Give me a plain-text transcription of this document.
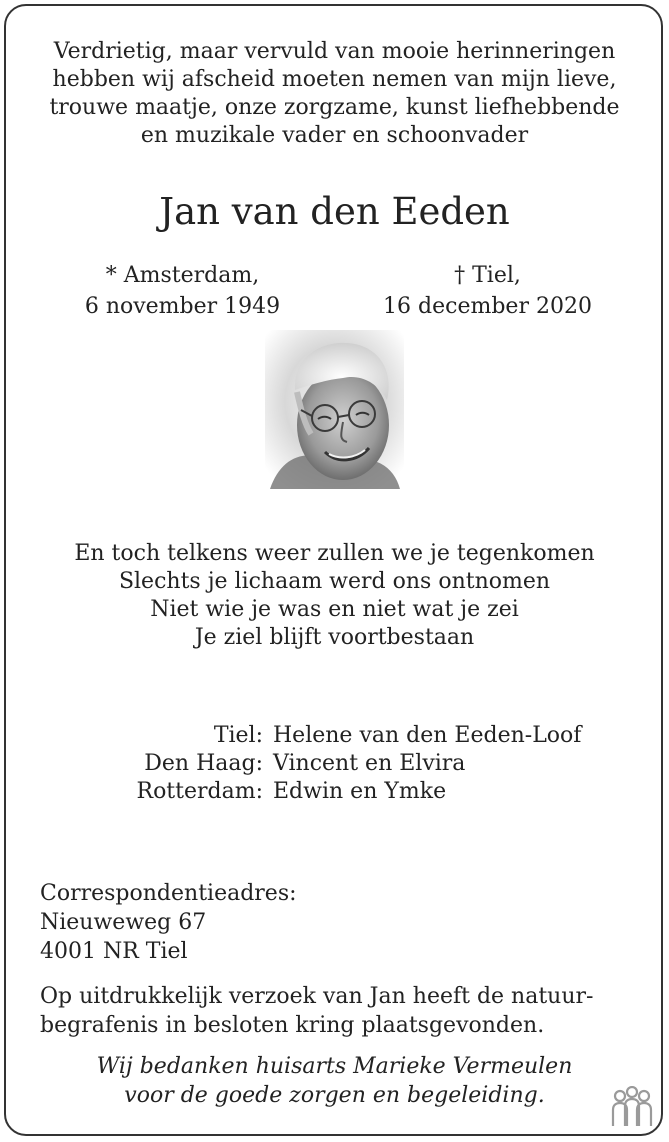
Verdrietig, maar vervuld van mooie herinneringen
hebben wij afscheid moeten nemen van mijn lieve,
trouwe maatje, onze zorgzame, kunst liefhebbende
en muzikale vader en schoonvader
Jan van den Eeden
* Amsterdam,
6 november 1949
† Tiel,
16 december 2020
En toch telkens weer zullen we je tegenkomen
Slechts je lichaam werd ons ontnomen
Niet wie je was en niet wat je zei
Je ziel blijft voortbestaan
Tiel: Helene van den Eeden-Loof
Den Haag: Vincent en Elvira
Rotterdam: Edwin en Ymke
Correspondentieadres:
Nieuweweg 67
4001 NR Tiel
Op uitdrukkelijk verzoek van Jan heeft de natuur-
begrafenis in besloten kring plaatsgevonden.
Wij bedanken huisarts Marieke Vermeulen
voor de goede zorgen en begeleiding.
